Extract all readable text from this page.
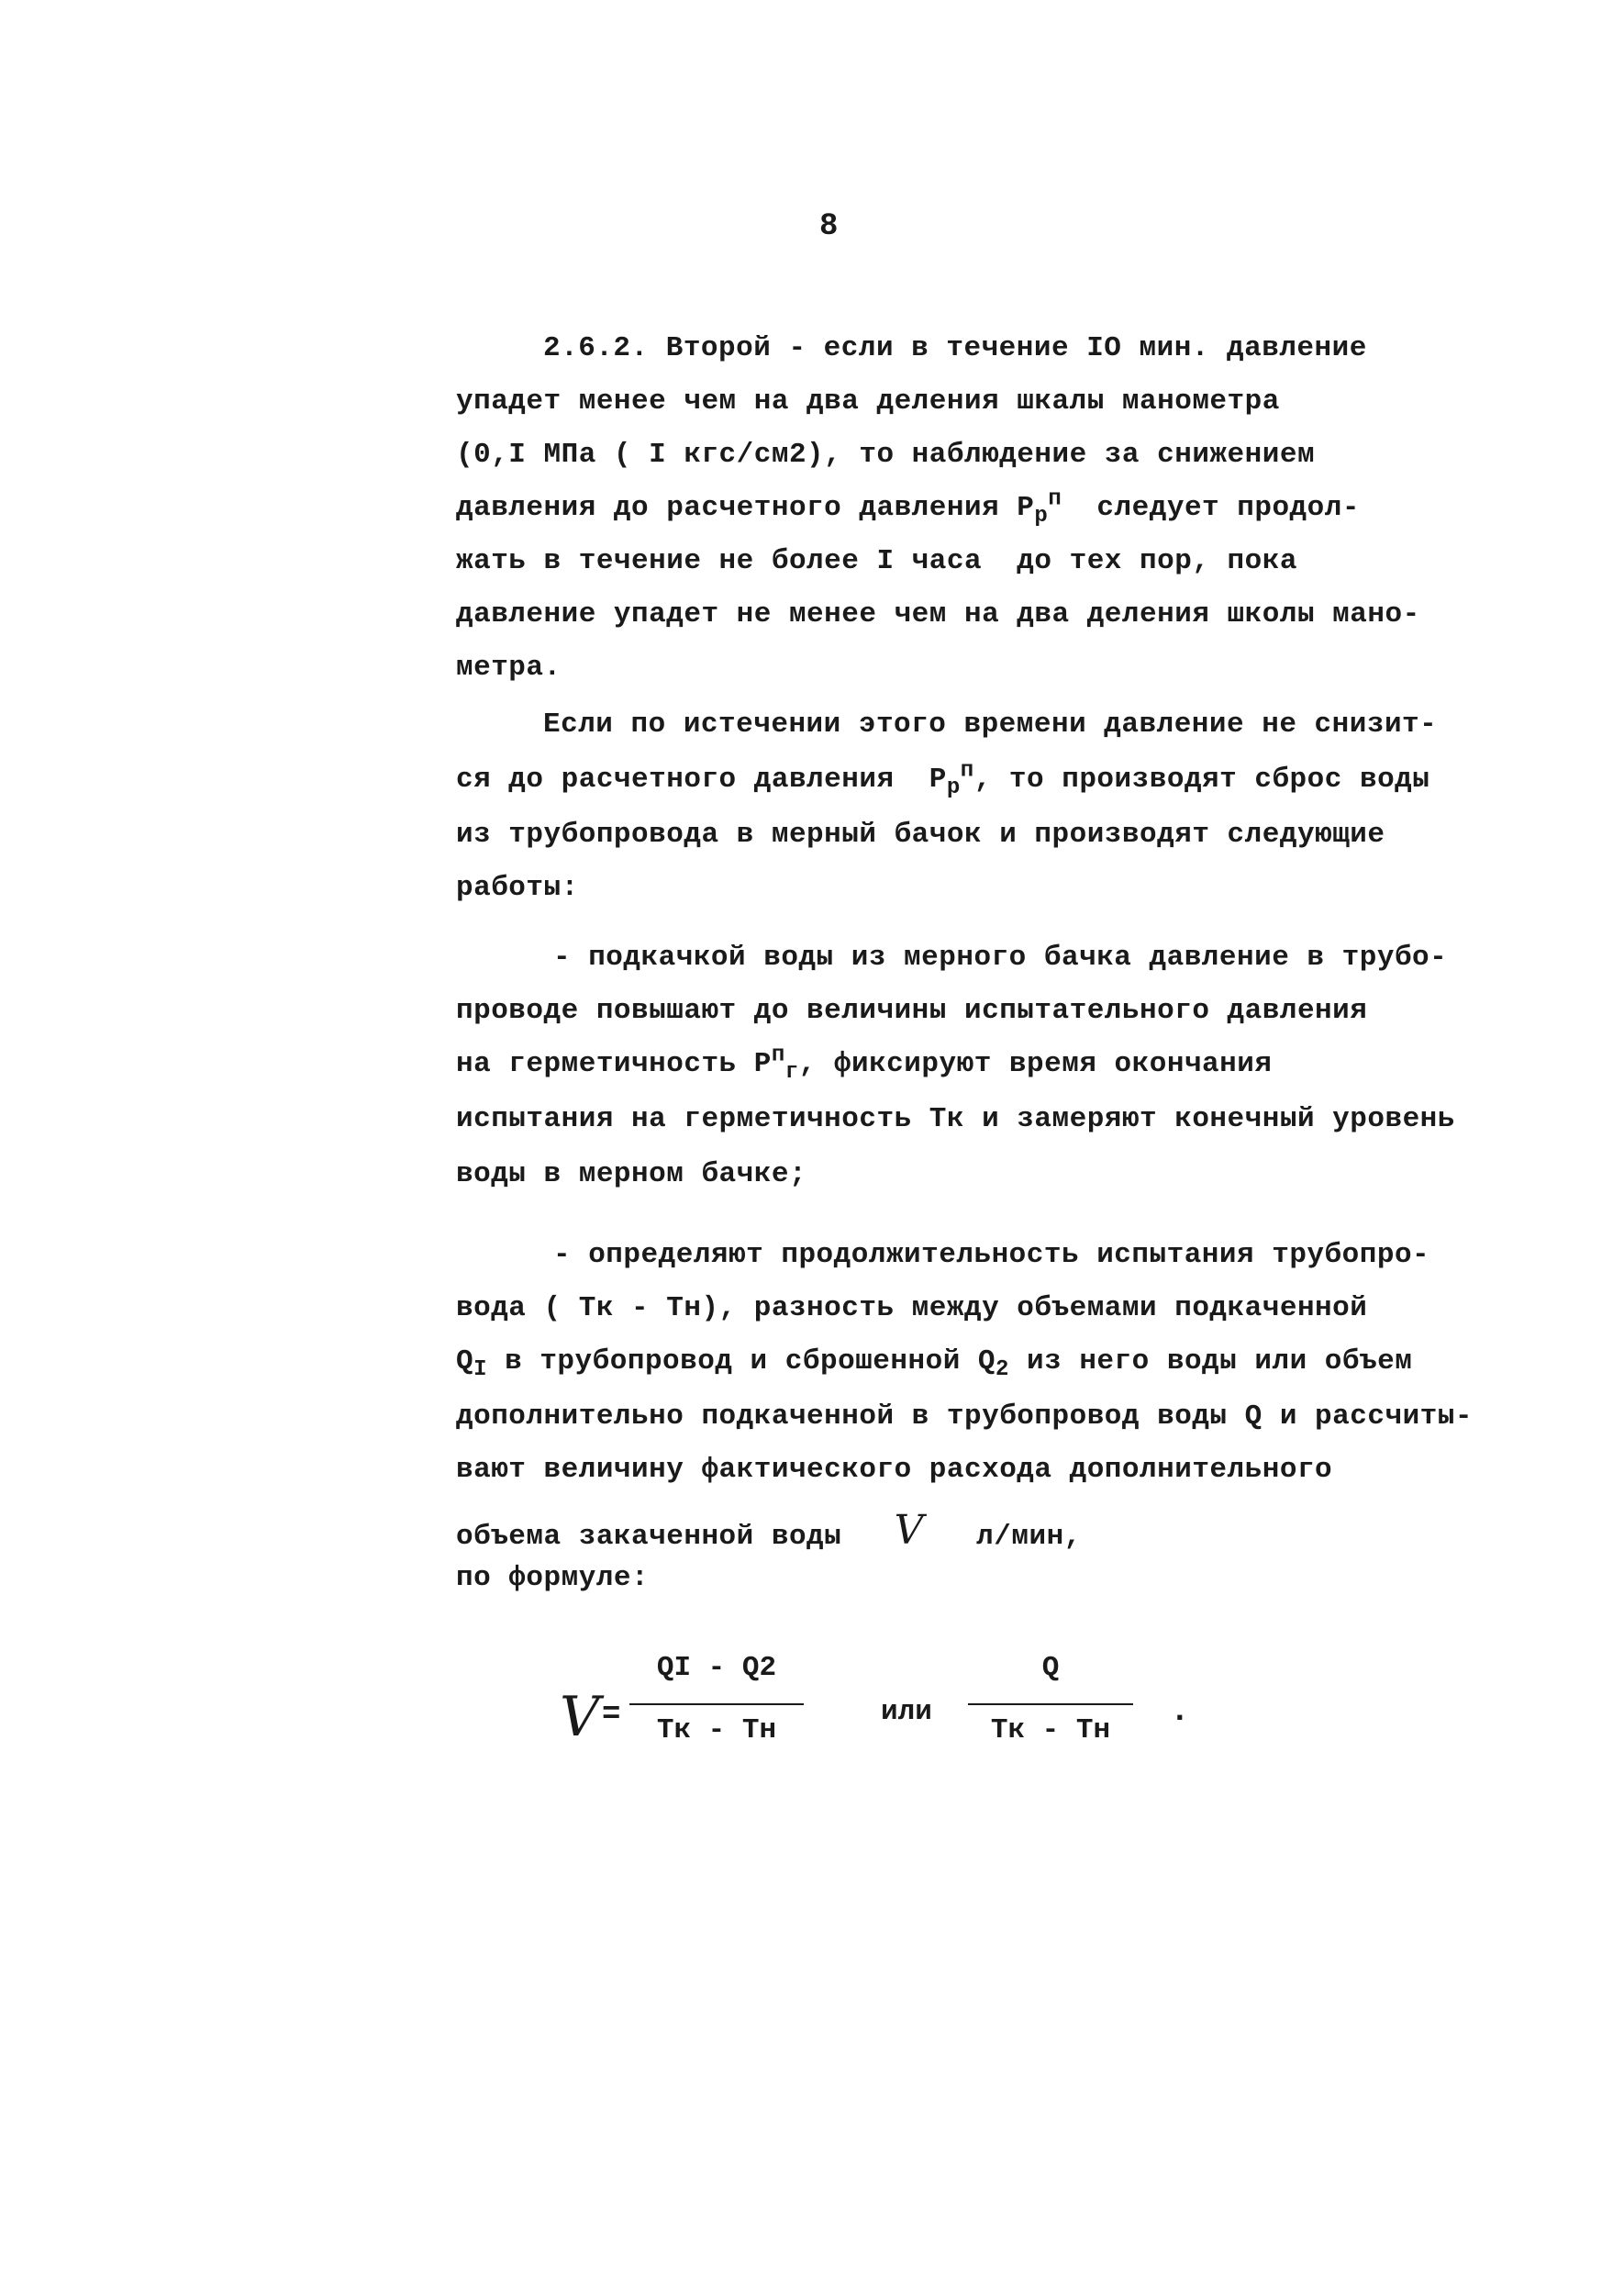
8
2.6.2. Второй - если в течение IO мин. давление
упадет менее чем на два деления шкалы манометра
(0,I МПа ( I кгс/см2), то наблюдение за снижением
давления до расчетного давления $P_p^п$  следует продол-
жать в течение не более I часа  до тех пор, пока
давление упадет не менее чем на два деления школы мано-
метра.
Если по истечении этого времени давление не снизит-
ся до расчетного давления  $P_p^п$, то производят сброс воды
из трубопровода в мерный бачок и производят следующие
работы:
- подкачкой воды из мерного бачка давление в трубо-
проводе повышают до величины испытательного давления
на герметичность $P^п_г$, фиксируют время окончания
испытания на герметичность Тк и замеряют конечный уровень
воды в мерном бачке;
- определяют продолжительность испытания трубопро-
вода ( Тк - Тн), разность между объемами подкаченной
$Q_I$ в трубопровод и сброшенной $Q_2$ из него воды или объем
дополнительно подкаченной в трубопровод воды Q и рассчиты-
вают величину фактического расхода дополнительного
объема закаченной воды   V   л/мин,
по формуле:
V =
QI - Q2
Тк - Тн
или
Q
Тк - Тн
.
